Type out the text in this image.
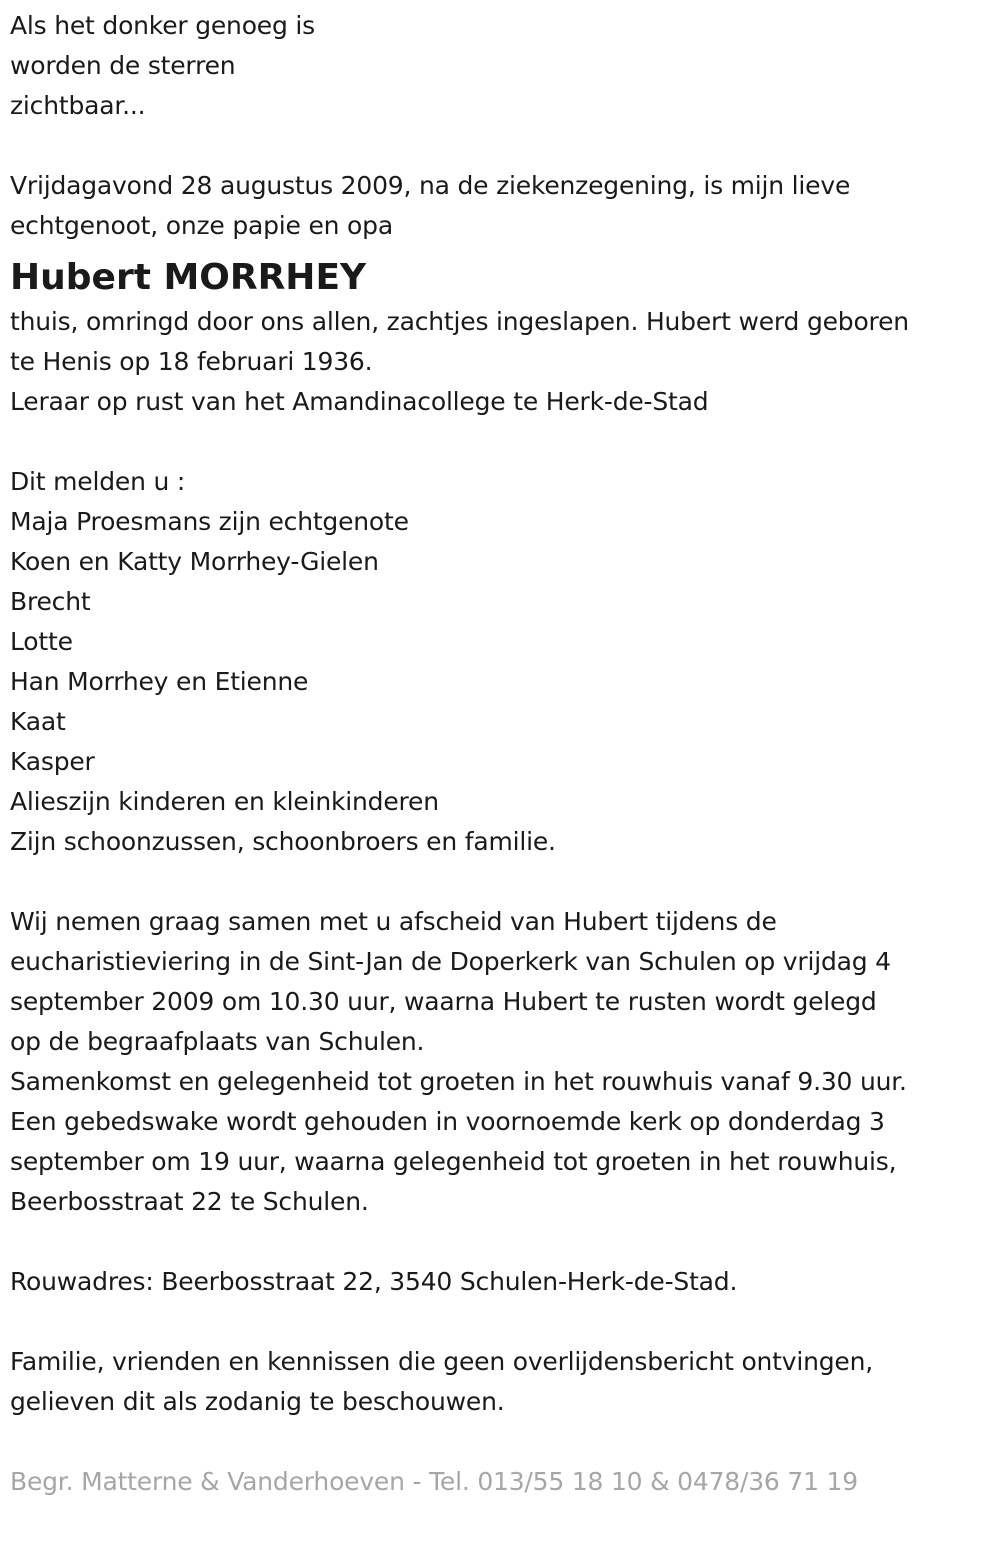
Als het donker genoeg is
worden de sterren
zichtbaar...
Vrijdagavond 28 augustus 2009, na de ziekenzegening, is mijn lieve
echtgenoot, onze papie en opa
Hubert MORRHEY
thuis, omringd door ons allen, zachtjes ingeslapen. Hubert werd geboren
te Henis op 18 februari 1936.
Leraar op rust van het Amandinacollege te Herk-de-Stad
Dit melden u :
Maja Proesmans zijn echtgenote
Koen en Katty Morrhey-Gielen
Brecht
Lotte
Han Morrhey en Etienne
Kaat
Kasper
Alieszijn kinderen en kleinkinderen
Zijn schoonzussen, schoonbroers en familie.
Wij nemen graag samen met u afscheid van Hubert tijdens de
eucharistieviering in de Sint-Jan de Doperkerk van Schulen op vrijdag 4
september 2009 om 10.30 uur, waarna Hubert te rusten wordt gelegd
op de begraafplaats van Schulen.
Samenkomst en gelegenheid tot groeten in het rouwhuis vanaf 9.30 uur.
Een gebedswake wordt gehouden in voornoemde kerk op donderdag 3
september om 19 uur, waarna gelegenheid tot groeten in het rouwhuis,
Beerbosstraat 22 te Schulen.
Rouwadres: Beerbosstraat 22, 3540 Schulen-Herk-de-Stad.
Familie, vrienden en kennissen die geen overlijdensbericht ontvingen,
gelieven dit als zodanig te beschouwen.
Begr. Matterne & Vanderhoeven - Tel. 013/55 18 10 & 0478/36 71 19
